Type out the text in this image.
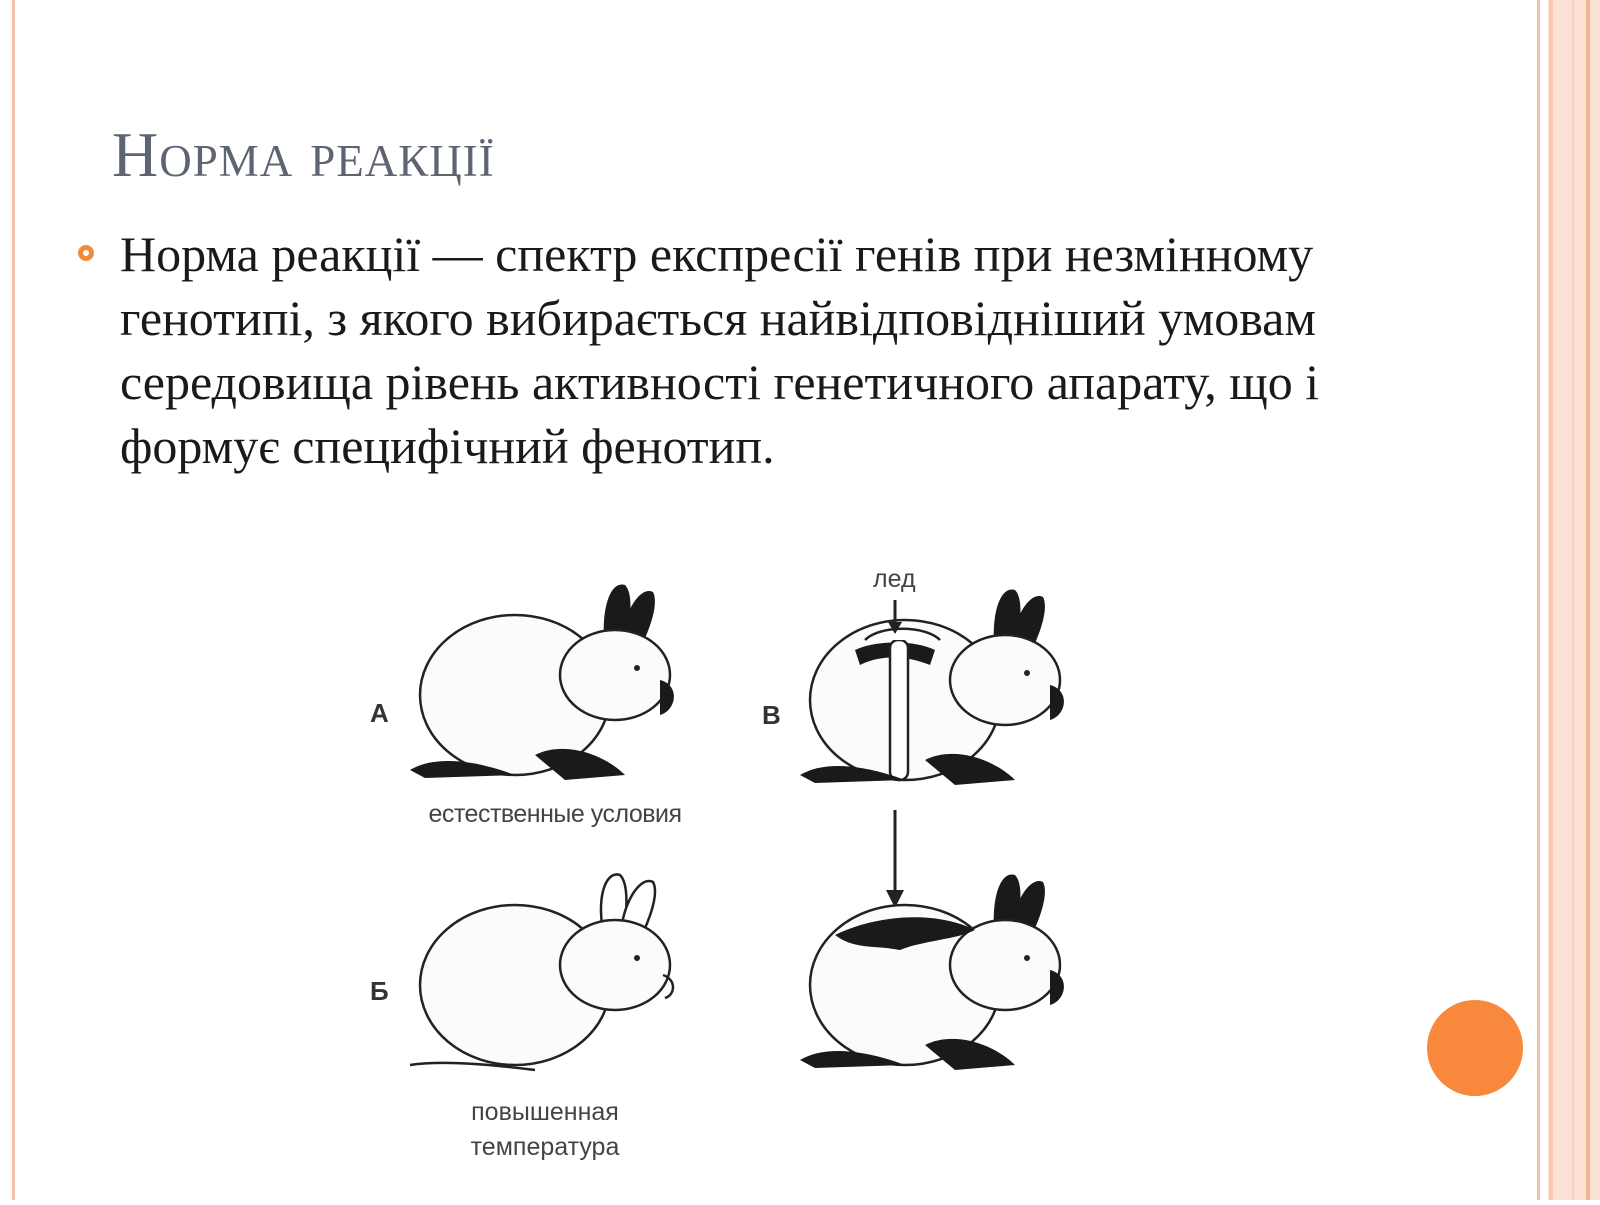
Норма реакції

Норма реакції — спектр експресії генів при незмінному генотипі, з якого вибирається найвідповідніший умовам середовища рівень активності генетичного апарату, що і формує специфічний фенотип.

А	В
Б
лед
естественные условия
повышенная
температура
